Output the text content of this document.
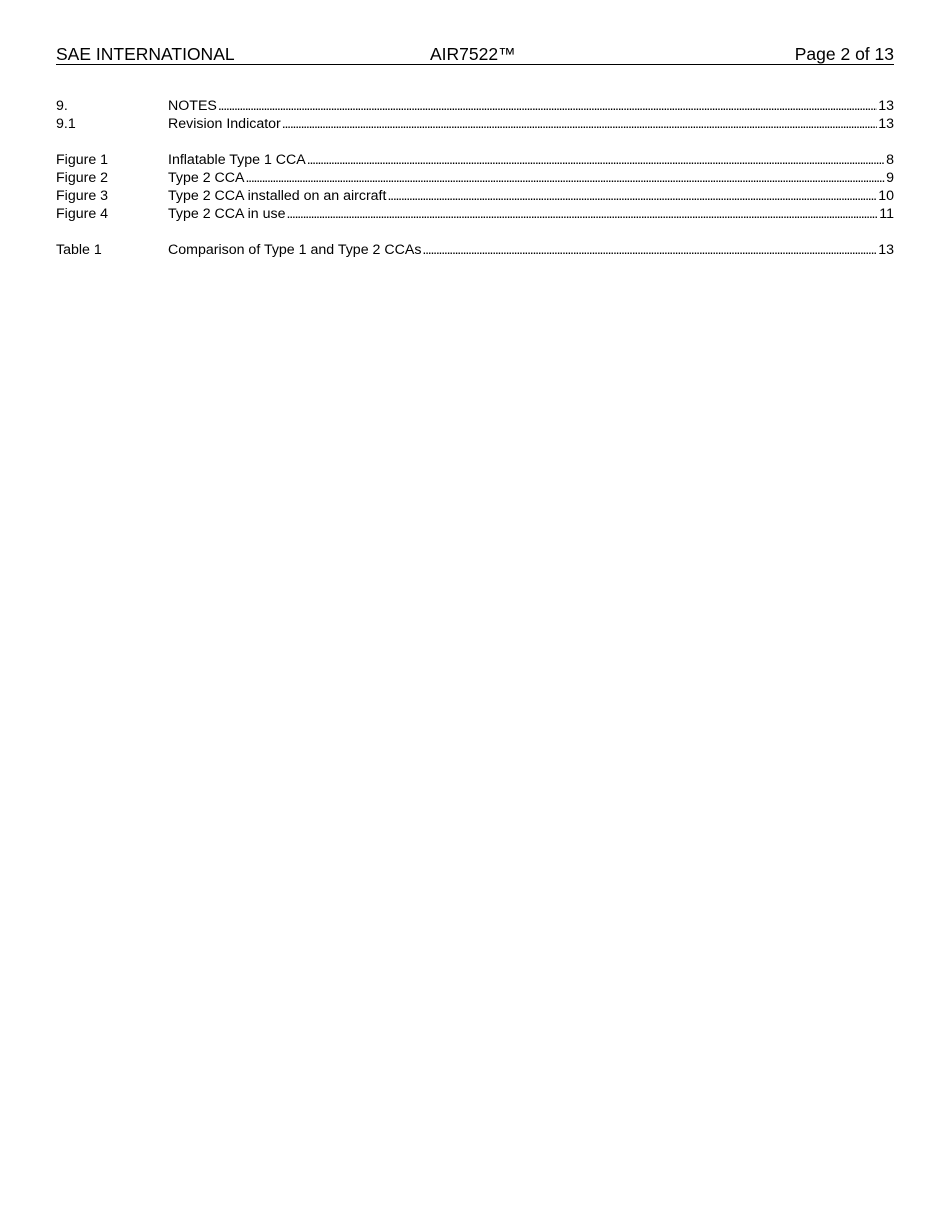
SAE INTERNATIONAL	AIR7522™	Page 2 of 13
9.	NOTES . . .	13
9.1	Revision Indicator . . .	13
Figure 1	Inflatable Type 1 CCA . . .	8
Figure 2	Type 2 CCA . . .	9
Figure 3	Type 2 CCA installed on an aircraft . . .	10
Figure 4	Type 2 CCA in use . . .	11
Table 1	Comparison of Type 1 and Type 2 CCAs . . .	13
